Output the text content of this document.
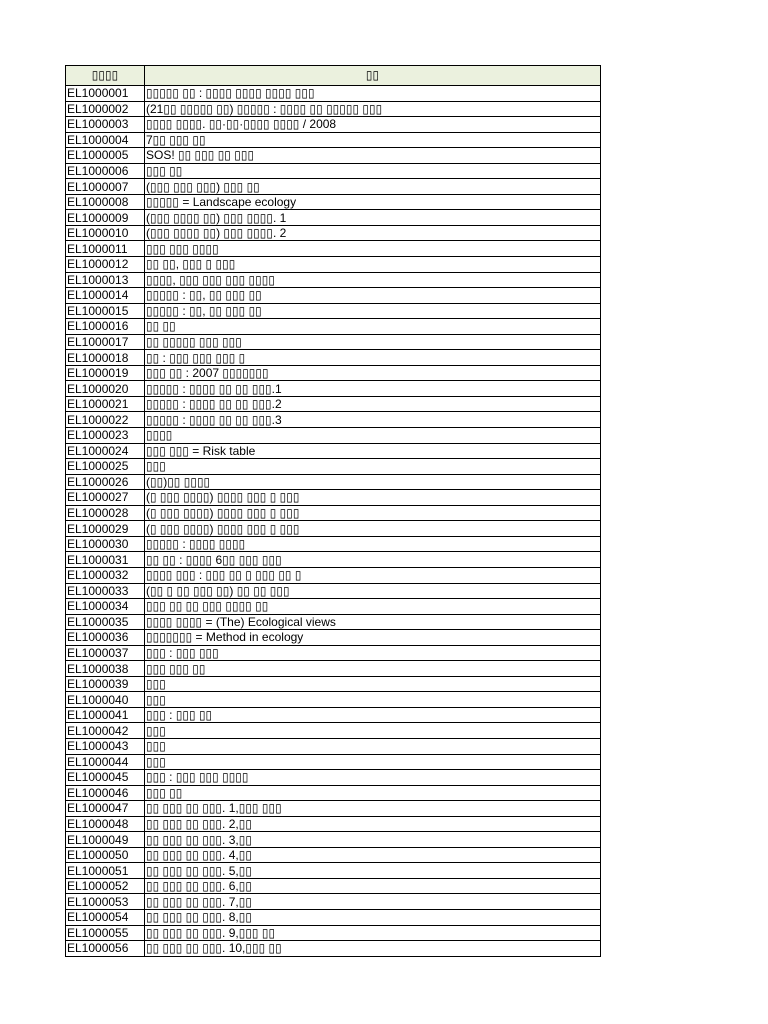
▯▯▯▯	▯▯
EL1000001	▯▯▯▯▯ ▯▯ : ▯▯▯▯ ▯▯▯▯ ▯▯▯▯ ▯▯▯
EL1000002	(21▯▯ ▯▯▯▯▯ ▯▯) ▯▯▯▯▯ : ▯▯▯▯ ▯▯ ▯▯▯▯▯ ▯▯▯
EL1000003	▯▯▯▯ ▯▯▯▯. ▯▯·▯▯·▯▯▯▯ ▯▯▯▯ / 2008
EL1000004	7▯▯ ▯▯▯ ▯▯
EL1000005	SOS! ▯▯ ▯▯▯ ▯▯ ▯▯▯
EL1000006	▯▯▯ ▯▯
EL1000007	(▯▯▯ ▯▯▯ ▯▯▯) ▯▯▯ ▯▯
EL1000008	▯▯▯▯▯ = Landscape ecology
EL1000009	(▯▯▯ ▯▯▯▯ ▯▯) ▯▯▯ ▯▯▯▯. 1
EL1000010	(▯▯▯ ▯▯▯▯ ▯▯) ▯▯▯ ▯▯▯▯. 2
EL1000011	▯▯▯ ▯▯▯ ▯▯▯▯
EL1000012	▯▯ ▯▯, ▯▯▯ ▯ ▯▯▯
EL1000013	▯▯▯▯, ▯▯▯ ▯▯▯ ▯▯▯ ▯▯▯▯
EL1000014	▯▯▯▯▯ : ▯▯, ▯▯ ▯▯▯ ▯▯
EL1000015	▯▯▯▯▯ : ▯▯, ▯▯ ▯▯▯ ▯▯
EL1000016	▯▯ ▯▯
EL1000017	▯▯ ▯▯▯▯▯ ▯▯▯ ▯▯▯
EL1000018	▯▯ : ▯▯▯ ▯▯▯ ▯▯▯ ▯
EL1000019	▯▯▯ ▯▯ : 2007 ▯▯▯▯▯▯▯
EL1000020	▯▯▯▯▯ : ▯▯▯▯ ▯▯ ▯▯ ▯▯▯.1
EL1000021	▯▯▯▯▯ : ▯▯▯▯ ▯▯ ▯▯ ▯▯▯.2
EL1000022	▯▯▯▯▯ : ▯▯▯▯ ▯▯ ▯▯ ▯▯▯.3
EL1000023	▯▯▯▯
EL1000024	▯▯▯ ▯▯▯ = Risk table
EL1000025	▯▯▯
EL1000026	(▯▯)▯▯ ▯▯▯▯
EL1000027	(▯ ▯▯▯ ▯▯▯▯) ▯▯▯▯ ▯▯▯ ▯ ▯▯▯
EL1000028	(▯ ▯▯▯ ▯▯▯▯) ▯▯▯▯ ▯▯▯ ▯ ▯▯▯
EL1000029	(▯ ▯▯▯ ▯▯▯▯) ▯▯▯▯ ▯▯▯ ▯ ▯▯▯
EL1000030	▯▯▯▯▯ : ▯▯▯▯ ▯▯▯▯
EL1000031	▯▯ ▯▯ : ▯▯▯▯ 6▯▯ ▯▯▯ ▯▯▯
EL1000032	▯▯▯▯ ▯▯▯ : ▯▯▯ ▯▯ ▯ ▯▯▯ ▯▯ ▯
EL1000033	(▯▯ ▯ ▯▯ ▯▯▯ ▯▯) ▯▯ ▯▯ ▯▯▯
EL1000034	▯▯▯ ▯▯ ▯▯ ▯▯▯ ▯▯▯▯ ▯▯
EL1000035	▯▯▯▯ ▯▯▯▯ = (The) Ecological views
EL1000036	▯▯▯▯▯▯▯ = Method in ecology
EL1000037	▯▯▯ : ▯▯▯ ▯▯▯
EL1000038	▯▯▯ ▯▯▯ ▯▯
EL1000039	▯▯▯
EL1000040	▯▯▯
EL1000041	▯▯▯ : ▯▯▯ ▯▯
EL1000042	▯▯▯
EL1000043	▯▯▯
EL1000044	▯▯▯
EL1000045	▯▯▯ : ▯▯▯ ▯▯▯ ▯▯▯▯
EL1000046	▯▯▯ ▯▯
EL1000047	▯▯ ▯▯▯ ▯▯ ▯▯▯. 1,▯▯▯ ▯▯▯
EL1000048	▯▯ ▯▯▯ ▯▯ ▯▯▯. 2,▯▯
EL1000049	▯▯ ▯▯▯ ▯▯ ▯▯▯. 3,▯▯
EL1000050	▯▯ ▯▯▯ ▯▯ ▯▯▯. 4,▯▯
EL1000051	▯▯ ▯▯▯ ▯▯ ▯▯▯. 5,▯▯
EL1000052	▯▯ ▯▯▯ ▯▯ ▯▯▯. 6,▯▯
EL1000053	▯▯ ▯▯▯ ▯▯ ▯▯▯. 7,▯▯
EL1000054	▯▯ ▯▯▯ ▯▯ ▯▯▯. 8,▯▯
EL1000055	▯▯ ▯▯▯ ▯▯ ▯▯▯. 9,▯▯▯ ▯▯
EL1000056	▯▯ ▯▯▯ ▯▯ ▯▯▯. 10,▯▯▯ ▯▯
